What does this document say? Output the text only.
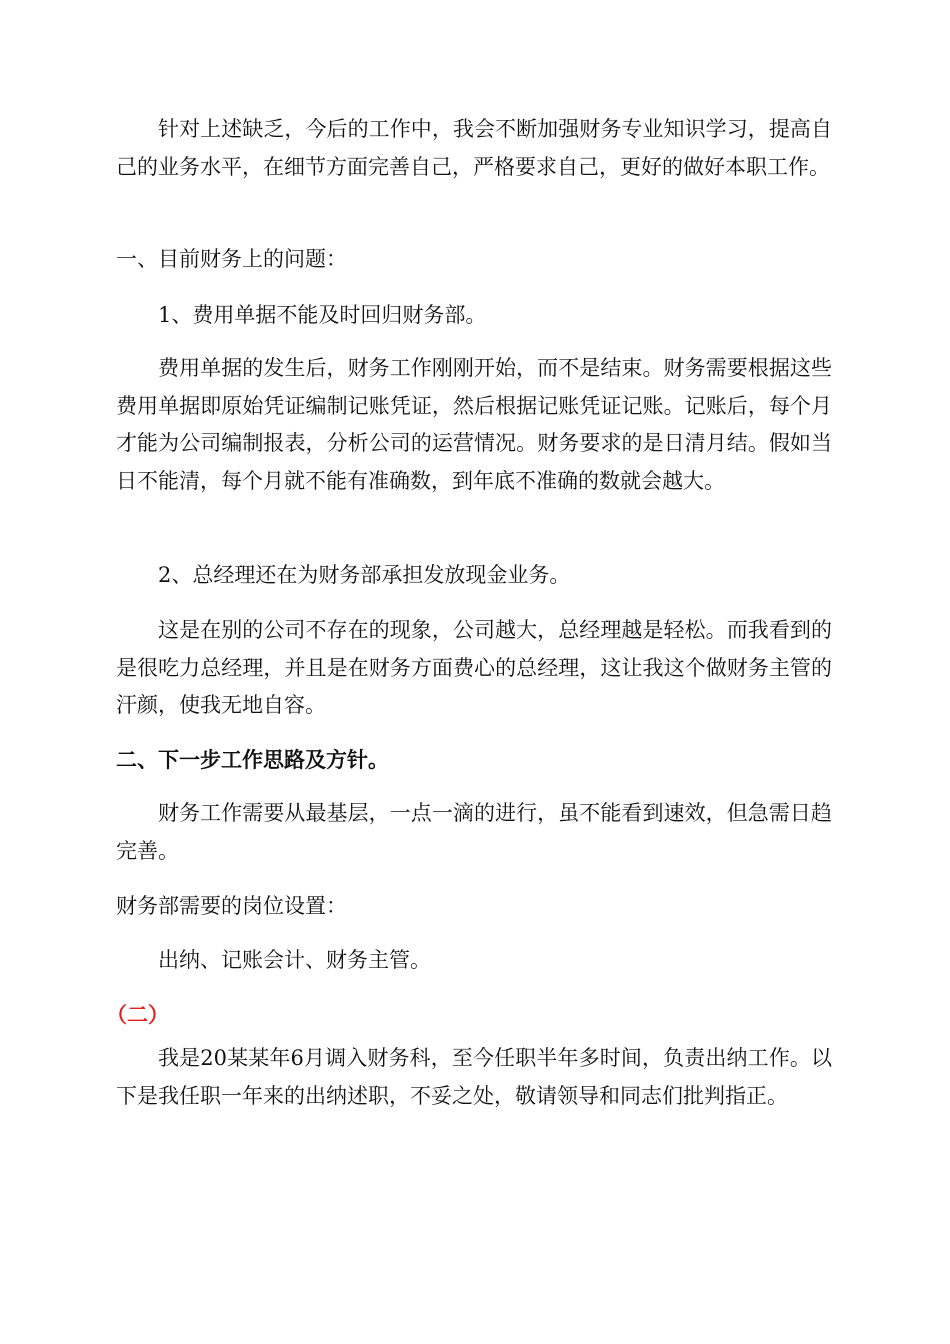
针对上述缺乏，今后的工作中，我会不断加强财务专业知识学习，提高自己的业务水平，在细节方面完善自己，严格要求自己，更好的做好本职工作。

一、目前财务上的问题：

1、费用单据不能及时回归财务部。

费用单据的发生后，财务工作刚刚开始，而不是结束。财务需要根据这些费用单据即原始凭证编制记账凭证，然后根据记账凭证记账。记账后，每个月才能为公司编制报表，分析公司的运营情况。财务要求的是日清月结。假如当日不能清，每个月就不能有准确数，到年底不准确的数就会越大。

2、总经理还在为财务部承担发放现金业务。

这是在别的公司不存在的现象，公司越大，总经理越是轻松。而我看到的是很吃力总经理，并且是在财务方面费心的总经理，这让我这个做财务主管的汗颜，使我无地自容。

二、下一步工作思路及方针。

财务工作需要从最基层，一点一滴的进行，虽不能看到速效，但急需日趋完善。

财务部需要的岗位设置：

出纳、记账会计、财务主管。

（二）

我是20某某年6月调入财务科，至今任职半年多时间，负责出纳工作。以下是我任职一年来的出纳述职，不妥之处，敬请领导和同志们批判指正。
